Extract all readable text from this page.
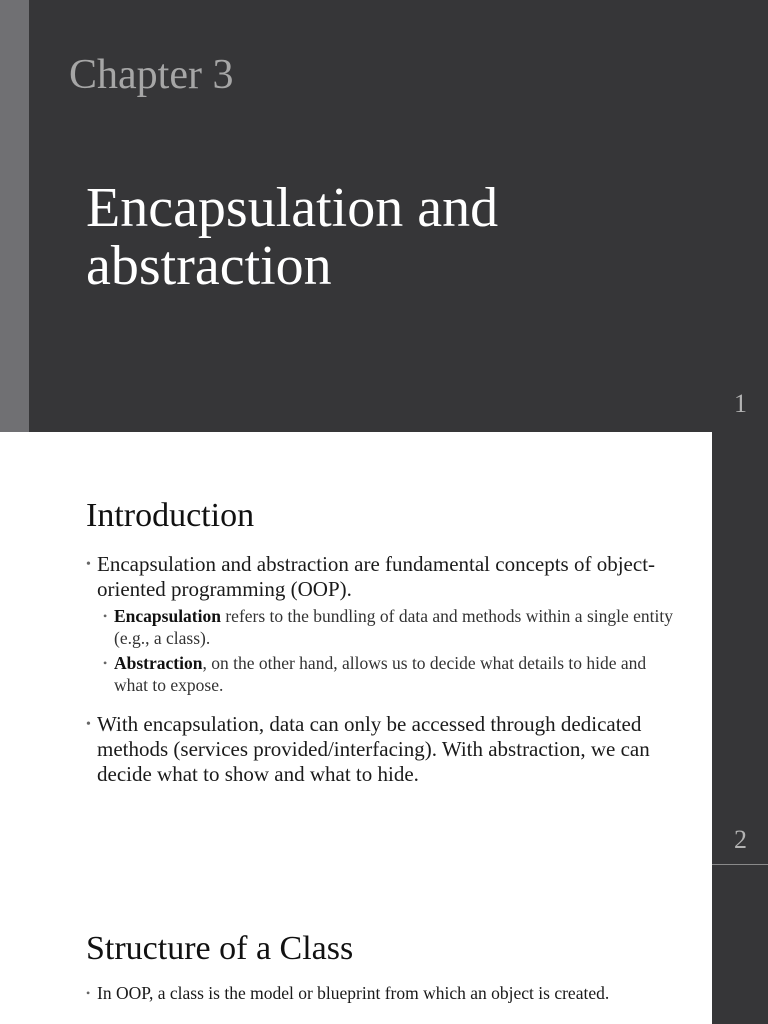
Chapter 3
Encapsulation and
abstraction
1
Introduction
• Encapsulation and abstraction are fundamental concepts of object-oriented programming (OOP).
• Encapsulation refers to the bundling of data and methods within a single entity (e.g., a class).
• Abstraction, on the other hand, allows us to decide what details to hide and what to expose.
• With encapsulation, data can only be accessed through dedicated methods (services provided/interfacing). With abstraction, we can decide what to show and what to hide.
2
Structure of a Class
• In OOP, a class is the model or blueprint from which an object is created.
